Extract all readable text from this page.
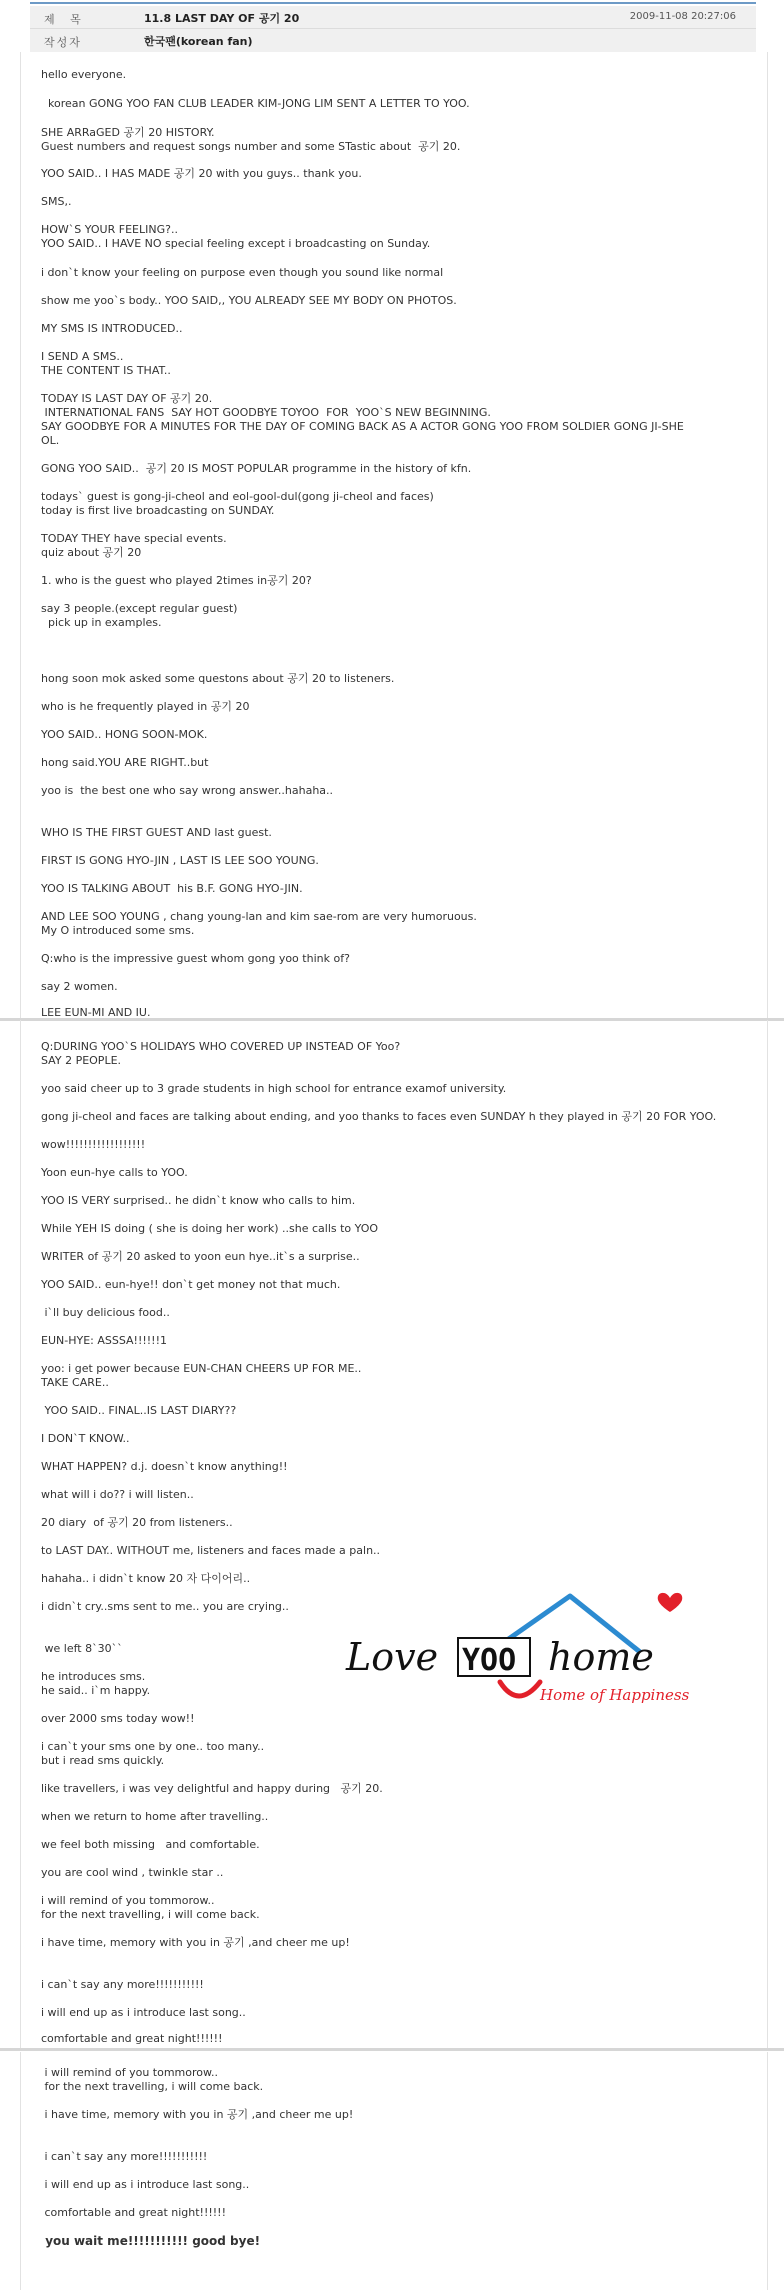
제 목	11.8 LAST DAY OF 공기 20	2009-11-08 20:27:06
작성자	한국팬(korean fan)
hello everyone.
korean GONG YOO FAN CLUB LEADER KIM-JONG LIM SENT A LETTER TO YOO.
SHE ARRaGED 공기 20 HISTORY.
Guest numbers and request songs number and some STastic about  공기 20.
YOO SAID.. I HAS MADE 공기 20 with you guys.. thank you.
SMS,.
HOW`S YOUR FEELING?..
YOO SAID.. I HAVE NO special feeling except i broadcasting on Sunday.
i don`t know your feeling on purpose even though you sound like normal
show me yoo`s body.. YOO SAID,, YOU ALREADY SEE MY BODY ON PHOTOS.
MY SMS IS INTRODUCED..
I SEND A SMS..
THE CONTENT IS THAT..
TODAY IS LAST DAY OF 공기 20.
INTERNATIONAL FANS  SAY HOT GOODBYE TOYOO  FOR  YOO`S NEW BEGINNING.
SAY GOODBYE FOR A MINUTES FOR THE DAY OF COMING BACK AS A ACTOR GONG YOO FROM SOLDIER GONG JI-SHE
OL.
GONG YOO SAID..  공기 20 IS MOST POPULAR programme in the history of kfn.
todays` guest is gong-ji-cheol and eol-gool-dul(gong ji-cheol and faces)
today is first live broadcasting on SUNDAY.
TODAY THEY have special events.
quiz about 공기 20
1. who is the guest who played 2times in공기 20?
say 3 people.(except regular guest)
pick up in examples.
hong soon mok asked some questons about 공기 20 to listeners.
who is he frequently played in 공기 20
YOO SAID.. HONG SOON-MOK.
hong said.YOU ARE RIGHT..but
yoo is  the best one who say wrong answer..hahaha..
WHO IS THE FIRST GUEST AND last guest.
FIRST IS GONG HYO-JIN , LAST IS LEE SOO YOUNG.
YOO IS TALKING ABOUT  his B.F. GONG HYO-JIN.
AND LEE SOO YOUNG , chang young-lan and kim sae-rom are very humoruous.
My O introduced some sms.
Q:who is the impressive guest whom gong yoo think of?
say 2 women.
LEE EUN-MI AND IU.
Q:DURING YOO`S HOLIDAYS WHO COVERED UP INSTEAD OF Yoo?
SAY 2 PEOPLE.
yoo said cheer up to 3 grade students in high school for entrance examof university.
gong ji-cheol and faces are talking about ending, and yoo thanks to faces even SUNDAY h they played in 공기 20 FOR YOO.
wow!!!!!!!!!!!!!!!!!!
Yoon eun-hye calls to YOO.
YOO IS VERY surprised.. he didn`t know who calls to him.
While YEH IS doing ( she is doing her work) ..she calls to YOO
WRITER of 공기 20 asked to yoon eun hye..it`s a surprise..
YOO SAID.. eun-hye!! don`t get money not that much.
i`ll buy delicious food..
EUN-HYE: ASSSA!!!!!!1
yoo: i get power because EUN-CHAN CHEERS UP FOR ME..
TAKE CARE..
YOO SAID.. FINAL..IS LAST DIARY??
I DON`T KNOW..
WHAT HAPPEN? d.j. doesn`t know anything!!
what will i do?? i will listen..
20 diary  of 공기 20 from listeners..
to LAST DAY.. WITHOUT me, listeners and faces made a paln..
hahaha.. i didn`t know 20 자 다이어리..
i didn`t cry..sms sent to me.. you are crying..
we left 8`30``
he introduces sms.
he said.. i`m happy.
over 2000 sms today wow!!
i can`t your sms one by one.. too many..
but i read sms quickly.
like travellers, i was vey delightful and happy during   공기 20.
when we return to home after travelling..
we feel both missing   and comfortable.
you are cool wind , twinkle star ..
i will remind of you tommorow..
for the next travelling, i will come back.
i have time, memory with you in 공기 ,and cheer me up!
i can`t say any more!!!!!!!!!!!
i will end up as i introduce last song..
comfortable and great night!!!!!!
i will remind of you tommorow..
for the next travelling, i will come back.
i have time, memory with you in 공기 ,and cheer me up!
i can`t say any more!!!!!!!!!!!
i will end up as i introduce last song..
comfortable and great night!!!!!!
you wait me!!!!!!!!!!! good bye!
Love YOO home
Home of Happiness
